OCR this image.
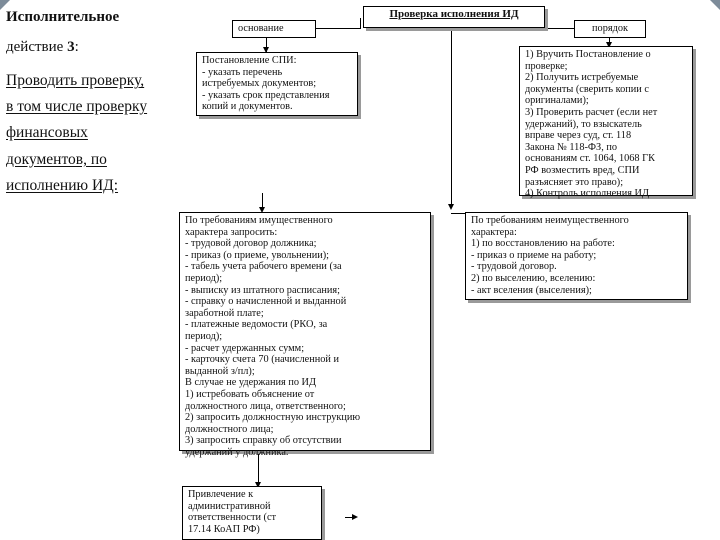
Исполнительное
действие 3:
Проводить проверку,
в том числе проверку
финансовых
документов, по
исполнению ИД:
Проверка исполнения ИД
основание	порядок
Постановление СПИ:
- указать перечень
истребуемых документов;
- указать срок представления
копий и документов.
1) Вручить Постановление о
проверке;
2) Получить истребуемые
документы (сверить копии с
оригиналами);
3) Проверить расчет (если нет
удержаний), то взыскатель
вправе через суд, ст. 118
Закона № 118-ФЗ, по
основаниям ст. 1064, 1068 ГК
РФ возместить вред, СПИ
разъясняет это право);
4) Контроль исполнения ИД
По требованиям имущественного
характера запросить:
- трудовой договор должника;
- приказ (о приеме, увольнении);
- табель учета рабочего времени (за
период);
- выписку из штатного расписания;
- справку о начисленной и выданной
заработной плате;
- платежные ведомости (РКО, за
период);
- расчет удержанных сумм;
- карточку счета 70 (начисленной и
выданной з/пл);
В случае не удержания по ИД
1) истребовать объяснение от
должностного лица, ответственного;
2) запросить должностную инструкцию
должностного лица;
3) запросить справку об отсутствии
удержаний у должника.
По требованиям неимущественного
характера:
1) по восстановлению на работе:
- приказ о приеме на работу;
- трудовой договор.
2) по выселению, вселению:
- акт вселения (выселения);
Привлечение к
административной
ответственности (ст
17.14 КоАП РФ)
